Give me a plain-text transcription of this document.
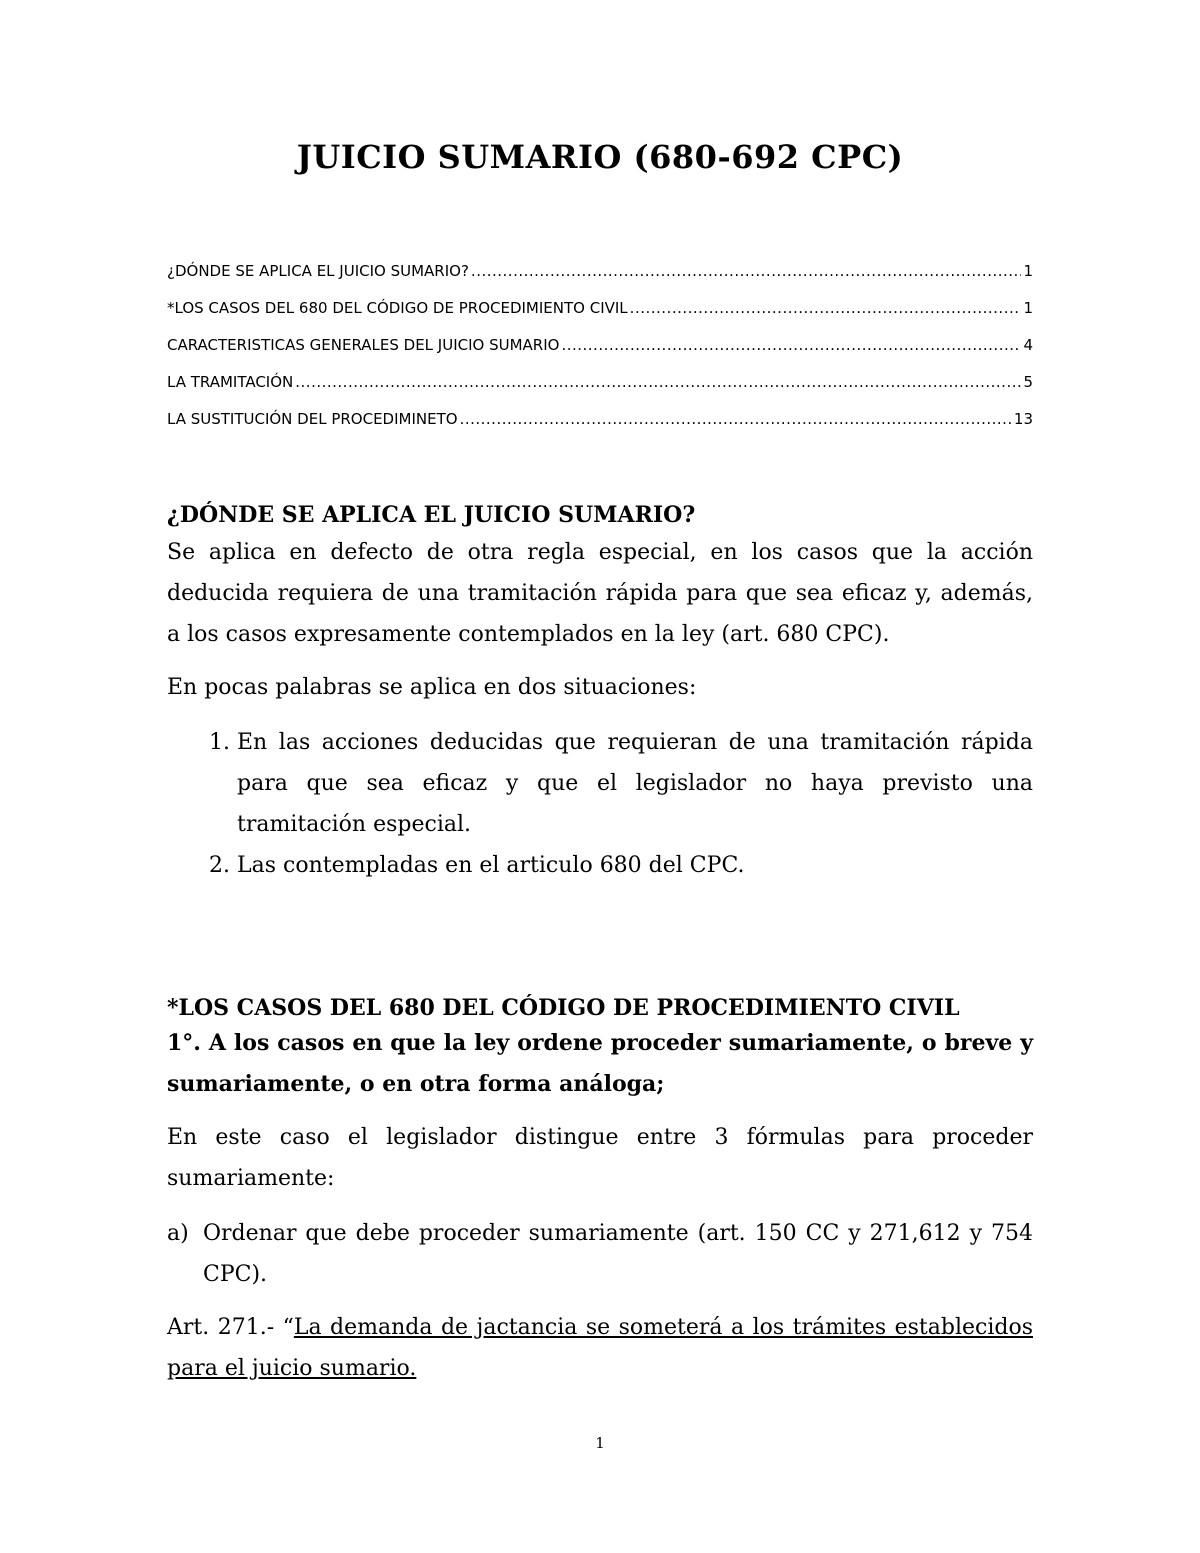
JUICIO SUMARIO (680-692 CPC)
¿DÓNDE SE APLICA EL JUICIO SUMARIO? .....	1
*LOS CASOS DEL 680 DEL CÓDIGO DE PROCEDIMIENTO CIVIL .....	1
CARACTERISTICAS GENERALES DEL JUICIO SUMARIO .....	4
LA TRAMITACIÓN .....	5
LA SUSTITUCIÓN DEL PROCEDIMINETO .....	13
¿DÓNDE SE APLICA EL JUICIO SUMARIO?
Se aplica en defecto de otra regla especial, en los casos que la acción deducida requiera de una tramitación rápida para que sea eficaz y, además, a los casos expresamente contemplados en la ley (art. 680 CPC).
En pocas palabras se aplica en dos situaciones:
1. En las acciones deducidas que requieran de una tramitación rápida para que sea eficaz y que el legislador no haya previsto una tramitación especial.
2. Las contempladas en el articulo 680 del CPC.
*LOS CASOS DEL 680 DEL CÓDIGO DE PROCEDIMIENTO CIVIL
1°. A los casos en que la ley ordene proceder sumariamente, o breve y sumariamente, o en otra forma análoga;
En este caso el legislador distingue entre 3 fórmulas para proceder sumariamente:
a) Ordenar que debe proceder sumariamente (art. 150 CC y 271,612 y 754 CPC).
Art. 271.- “La demanda de jactancia se someterá a los trámites establecidos para el juicio sumario.
1
